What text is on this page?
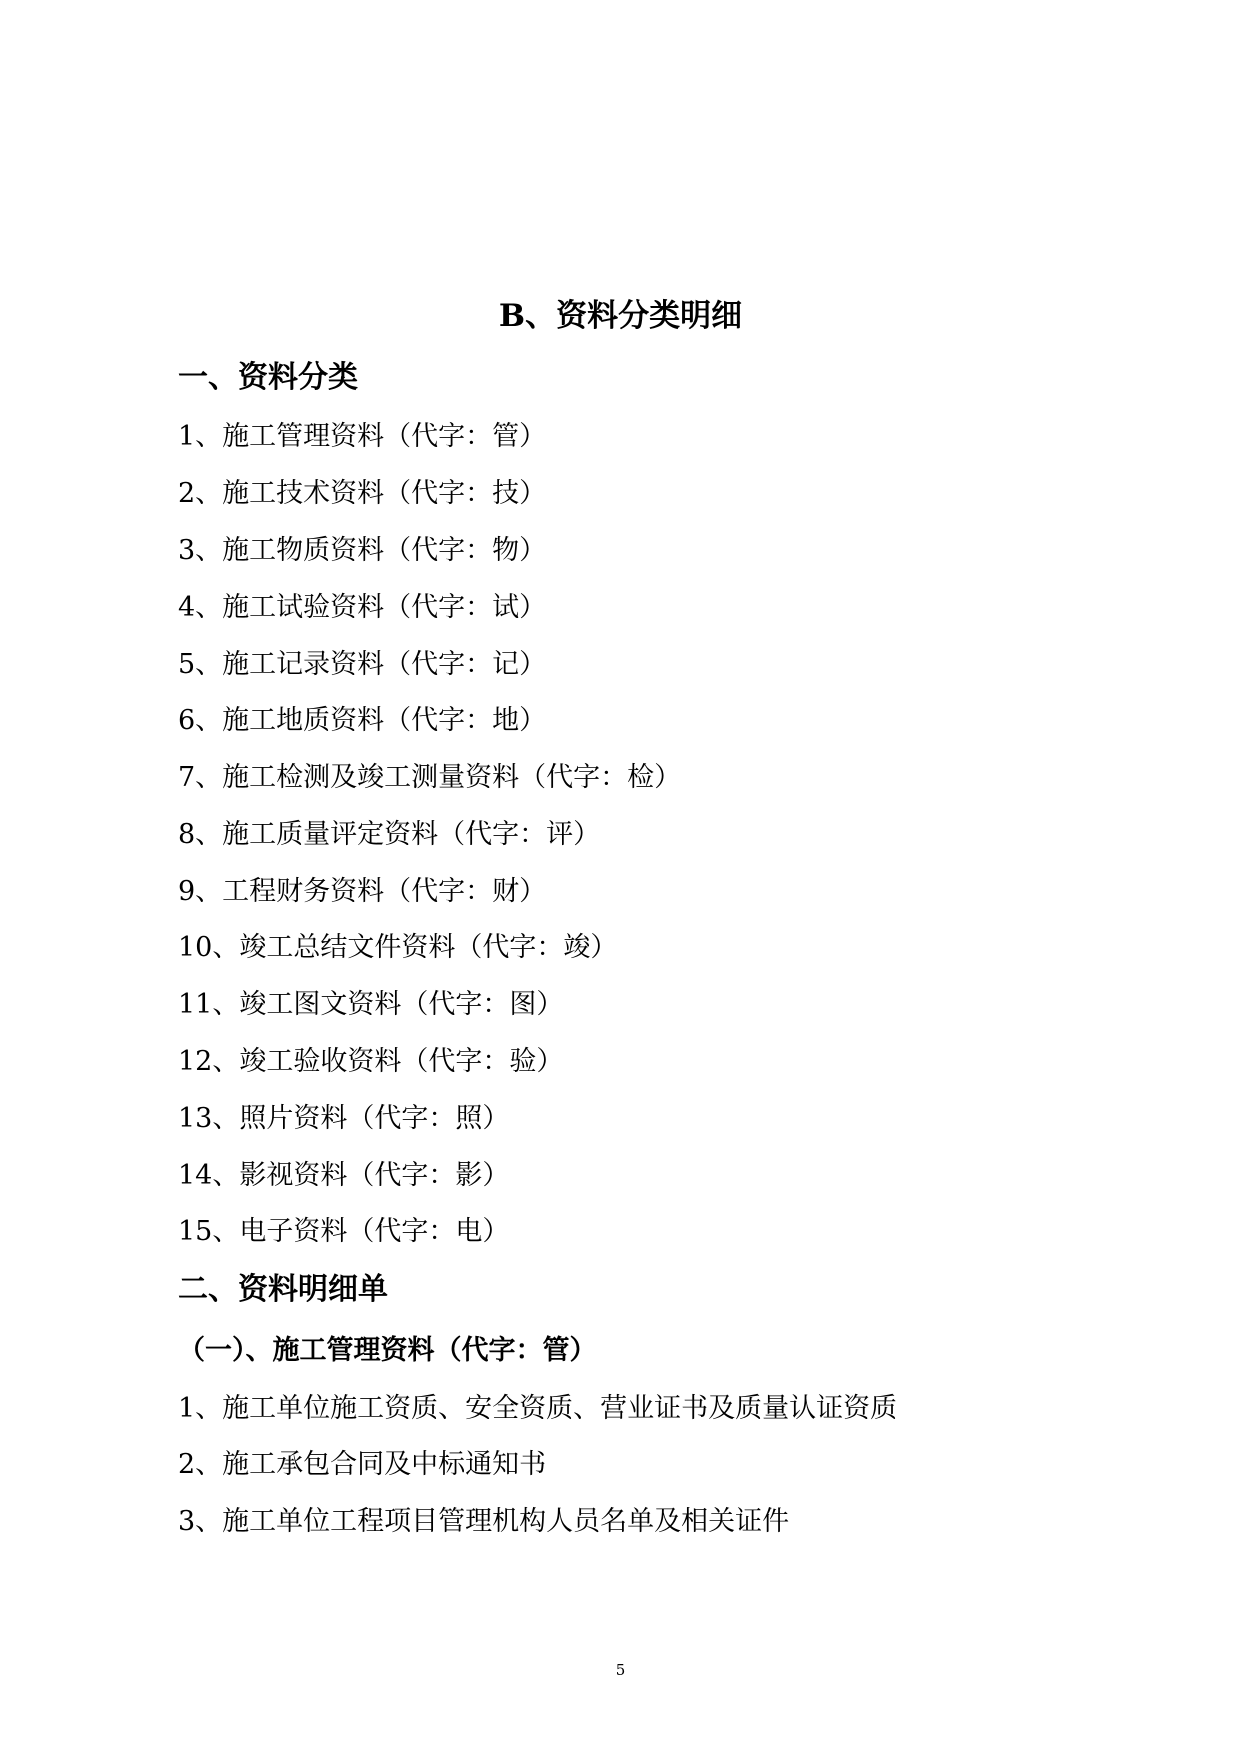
B、资料分类明细
一、资料分类
1、施工管理资料（代字：管）
2、施工技术资料（代字：技）
3、施工物质资料（代字：物）
4、施工试验资料（代字：试）
5、施工记录资料（代字：记）
6、施工地质资料（代字：地）
7、施工检测及竣工测量资料（代字：检）
8、施工质量评定资料（代字：评）
9、工程财务资料（代字：财）
10、竣工总结文件资料（代字：竣）
11、竣工图文资料（代字：图）
12、竣工验收资料（代字：验）
13、照片资料（代字：照）
14、影视资料（代字：影）
15、电子资料（代字：电）
二、资料明细单
（一）、施工管理资料（代字：管）
1、施工单位施工资质、安全资质、营业证书及质量认证资质
2、施工承包合同及中标通知书
3、施工单位工程项目管理机构人员名单及相关证件
5
